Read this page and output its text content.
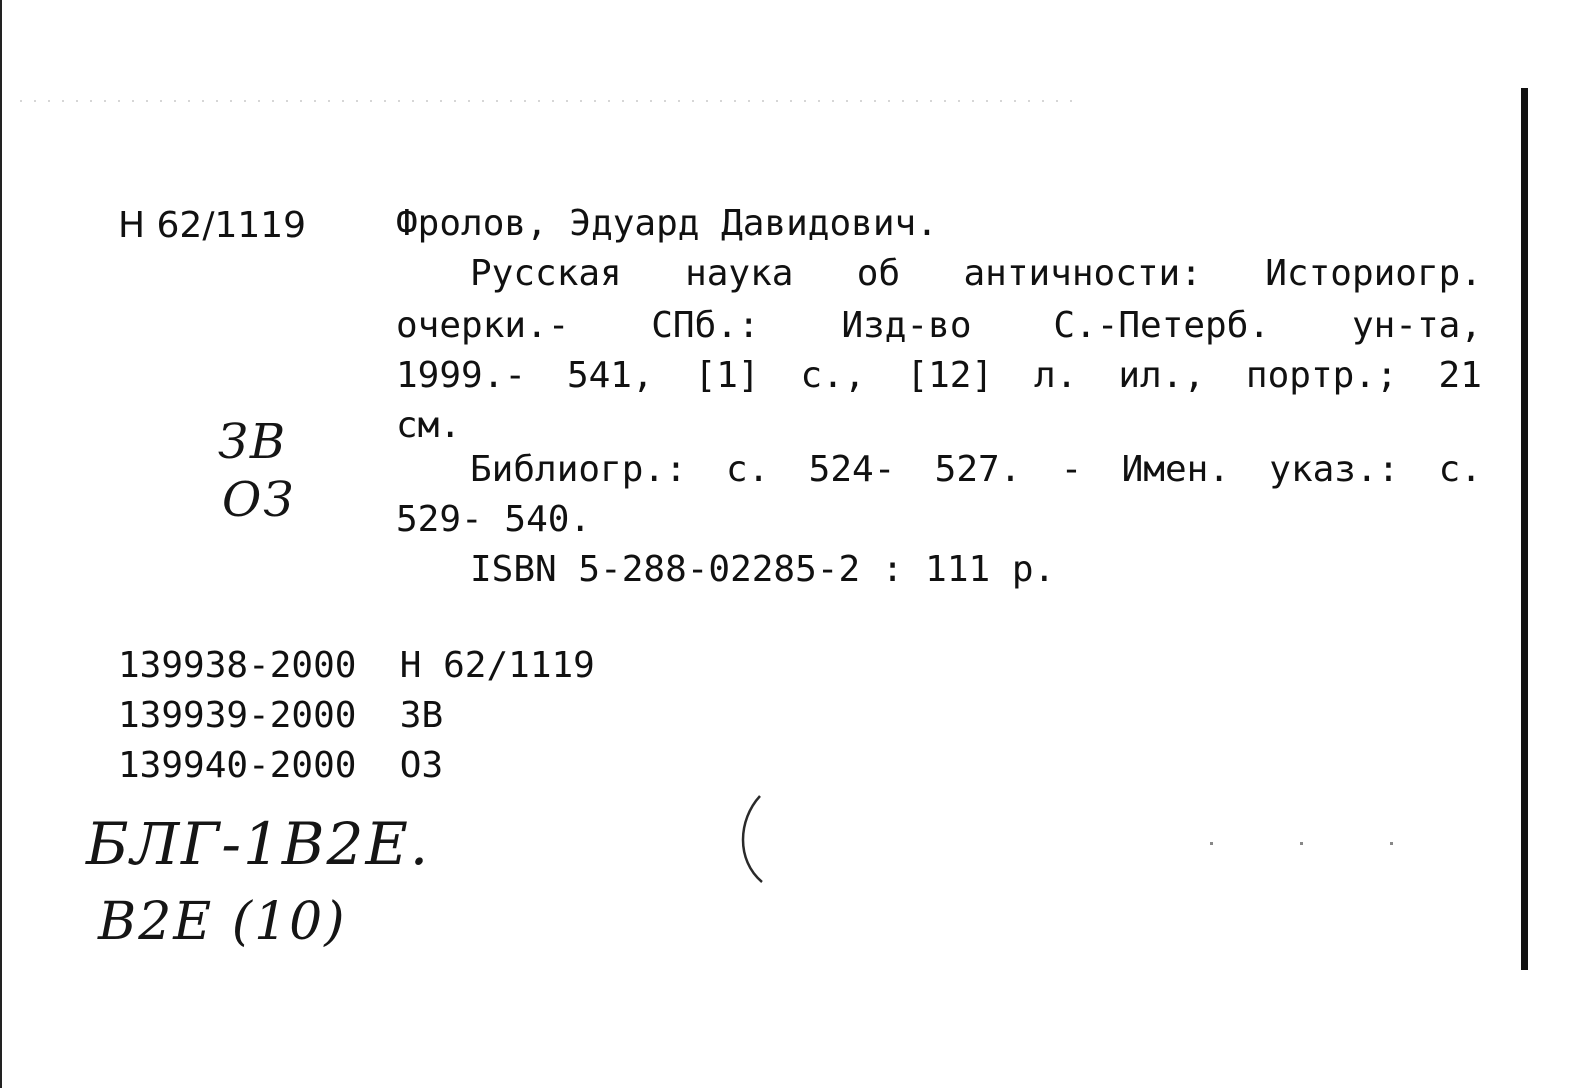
Н 62/1119 Фролов, Эдуард Давидович.
Русская наука об античности: Историогр.
очерки.- СПб.: Изд-во С.-Петерб. ун-та,
1999.- 541, [1] с., [12] л. ил., портр.; 21
см.
Библиогр.: с. 524- 527. - Имен. указ.: с.
529- 540.
ISBN 5-288-02285-2 : 111 р.
139938-2000 Н 62/1119
139939-2000 ЗВ
139940-2000 ОЗ
ЗВ
ОЗ
БЛГ-1В2Е.
В2Е (10)
